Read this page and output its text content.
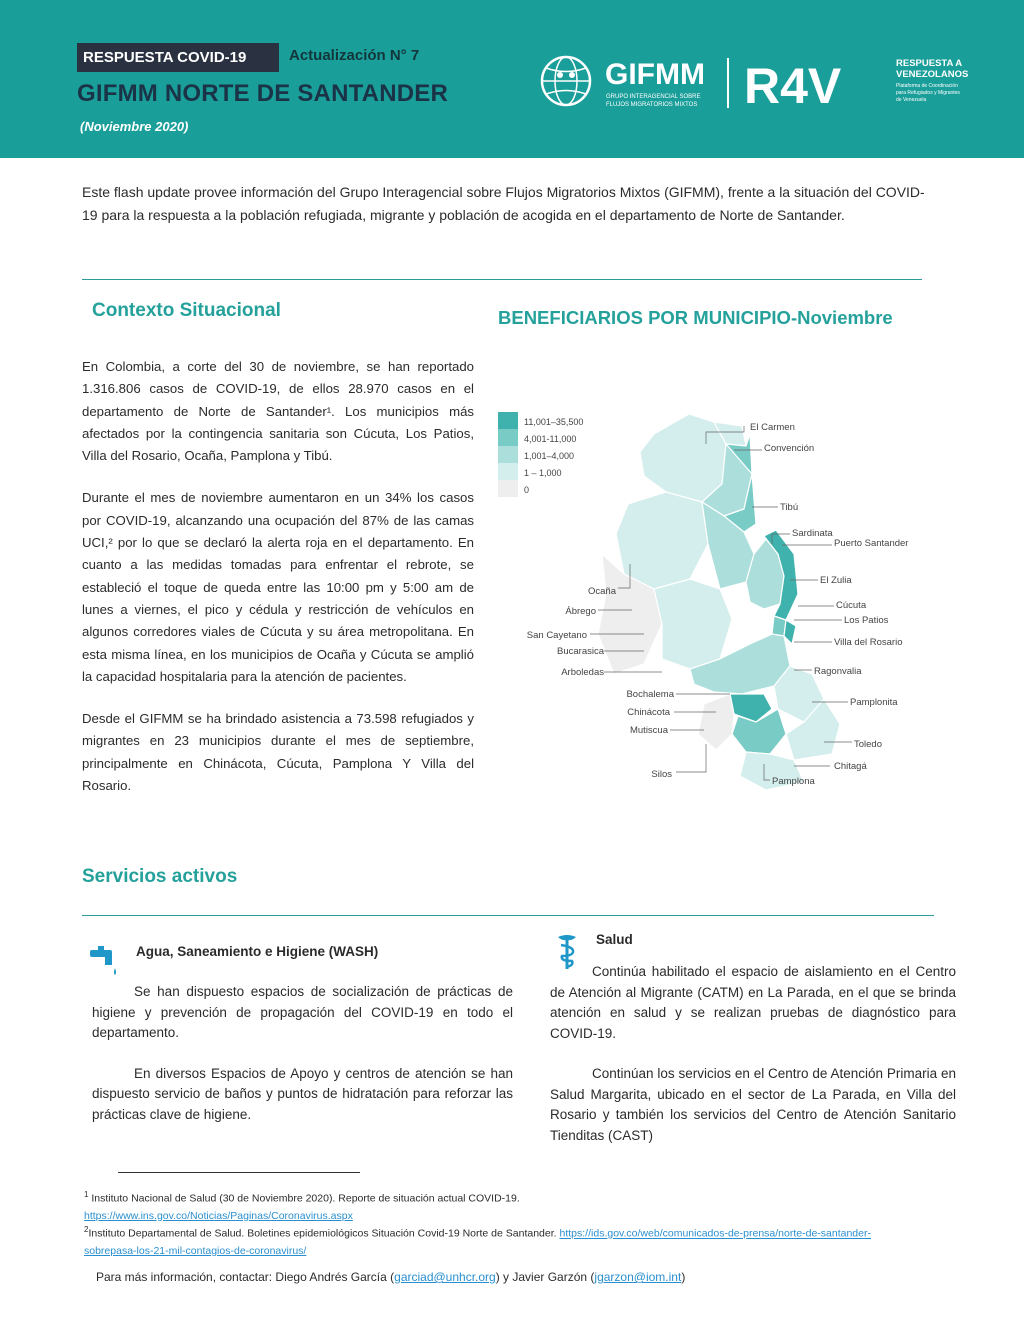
RESPUESTA COVID-19	Actualización N° 7
GIFMM NORTE DE SANTANDER
(Noviembre 2020)
GIFMM
GRUPO INTERAGENCIAL SOBRE
FLUJOS MIGRATORIOS MIXTOS R4V	RESPUESTA A
VENEZOLANOS
Plataforma de Coordinación
para Refugiados y Migrantes
de Venezuela
Este flash update provee información del Grupo Interagencial sobre Flujos Migratorios Mixtos (GIFMM), frente a la situación del COVID-19 para la respuesta a la población refugiada, migrante y población de acogida en el departamento de Norte de Santander.
Contexto Situacional

En Colombia, a corte del 30 de noviembre, se han reportado 1.316.806 casos de COVID-19, de ellos 28.970 casos en el departamento de Norte de Santander¹. Los municipios más afectados por la contingencia sanitaria son Cúcuta, Los Patios, Villa del Rosario, Ocaña, Pamplona y Tibú.

Durante el mes de noviembre aumentaron en un 34% los casos por COVID-19, alcanzando una ocupación del 87% de las camas UCI,² por lo que se declaró la alerta roja en el departamento. En cuanto a las medidas tomadas para enfrentar el rebrote, se estableció el toque de queda entre las 10:00 pm y 5:00 am de lunes a viernes, el pico y cédula y restricción de vehículos en algunos corredores viales de Cúcuta y su área metropolitana. En esta misma línea, en los municipios de Ocaña y Cúcuta se amplió la capacidad hospitalaria para la atención de pacientes.

Desde el GIFMM se ha brindado asistencia a 73.598 refugiados y migrantes en 23 municipios durante el mes de septiembre, principalmente en Chinácota, Cúcuta, Pamplona Y Villa del Rosario.

BENEFICIARIOS POR MUNICIPIO-Noviembre
11,001–35,500
4,001-11,000
1,001–4,000
1 – 1,000
0
El Carmen
Convención
Tibú
Sardinata
Puerto Santander
El Zulia
Ocaña
Ábrego
Cúcuta
Los Patios
Villa del Rosario
San Cayetano
Bucarasica
Arboledas	Ragonvalia
Bochalema
Pamplonita
Chinácota
Mutiscua
Toledo
Silos
Chitagá
Pamplona
Servicios activos
Agua, Saneamiento e Higiene (WASH)

Se han dispuesto espacios de socialización de prácticas de higiene y prevención de propagación del COVID-19 en todo el departamento.

En diversos Espacios de Apoyo y centros de atención se han dispuesto servicio de baños y puntos de hidratación para reforzar las prácticas clave de higiene.

Salud

Continúa habilitado el espacio de aislamiento en el Centro de Atención al Migrante (CATM) en La Parada, en el que se brinda atención en salud y se realizan pruebas de diagnóstico para COVID-19.

Continúan los servicios en el Centro de Atención Primaria en Salud Margarita, ubicado en el sector de La Parada, en Villa del Rosario y también los servicios del Centro de Atención Sanitario Tienditas (CAST)

$^1$ Instituto Nacional de Salud (30 de Noviembre 2020). Reporte de situación actual COVID-19.
https://www.ins.gov.co/Noticias/Paginas/Coronavirus.aspx
$^2$Instituto Departamental de Salud. Boletines epidemiológicos Situación Covid-19 Norte de Santander. https://ids.gov.co/web/comunicados-de-prensa/norte-de-santander-sobrepasa-los-21-mil-contagios-de-coronavirus/
Para más información, contactar: Diego Andrés García (garciad@unhcr.org) y Javier Garzón (jgarzon@iom.int)
